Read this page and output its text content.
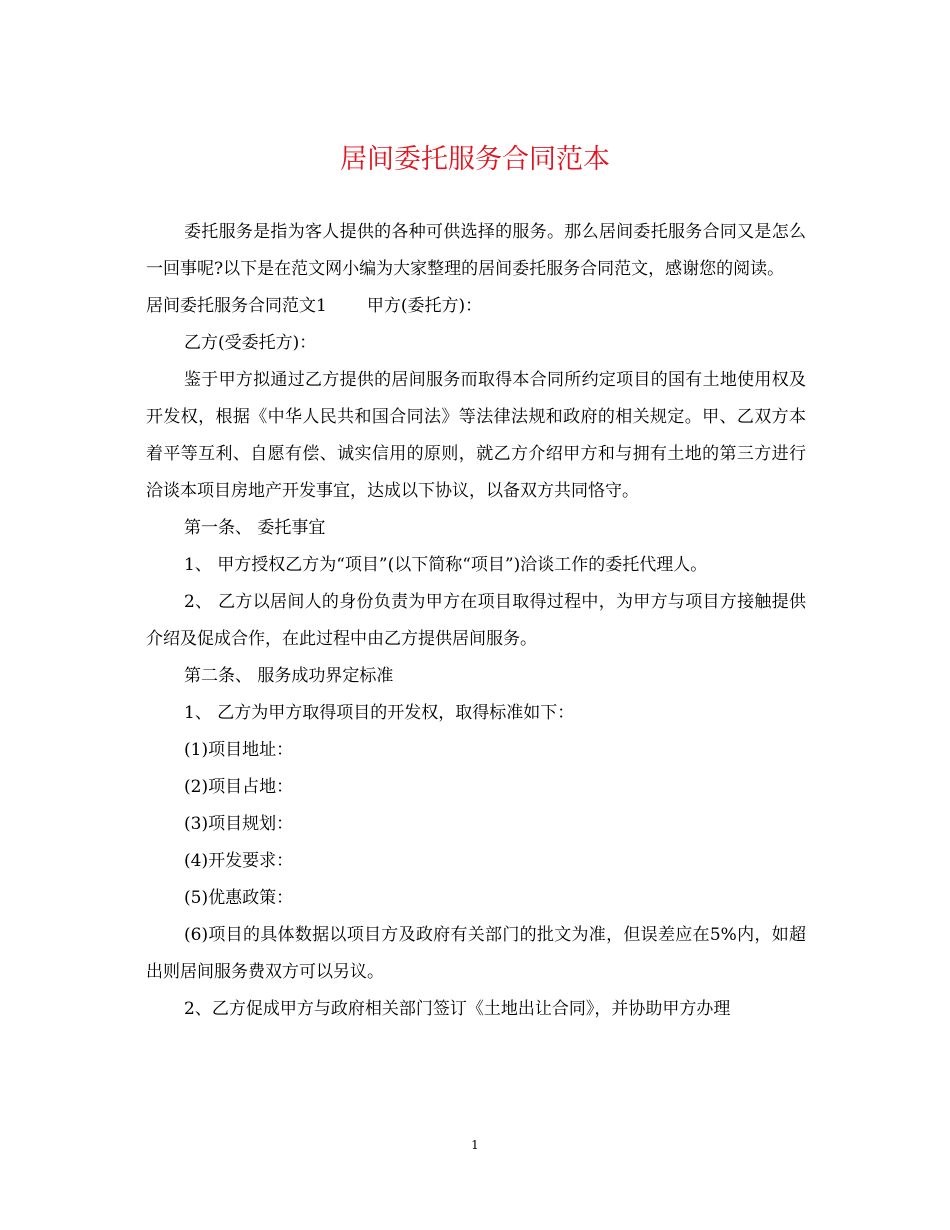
居间委托服务合同范本

委托服务是指为客人提供的各种可供选择的服务。那么居间委托服务合同又是怎么一回事呢?以下是在范文网小编为大家整理的居间委托服务合同范文，感谢您的阅读。

居间委托服务合同范文1 甲方(委托方)：

乙方(受委托方)：

鉴于甲方拟通过乙方提供的居间服务而取得本合同所约定项目的国有土地使用权及开发权，根据《中华人民共和国合同法》等法律法规和政府的相关规定。甲、乙双方本着平等互利、自愿有偿、诚实信用的原则，就乙方介绍甲方和与拥有土地的第三方进行洽谈本项目房地产开发事宜，达成以下协议，以备双方共同恪守。

第一条、 委托事宜

1、 甲方授权乙方为“项目”(以下简称“项目”)洽谈工作的委托代理人。

2、 乙方以居间人的身份负责为甲方在项目取得过程中，为甲方与项目方接触提供介绍及促成合作，在此过程中由乙方提供居间服务。

第二条、 服务成功界定标准

1、 乙方为甲方取得项目的开发权，取得标准如下：

(1)项目地址：

(2)项目占地：

(3)项目规划：

(4)开发要求：

(5)优惠政策：

(6)项目的具体数据以项目方及政府有关部门的批文为准，但误差应在5%内，如超出则居间服务费双方可以另议。

2、乙方促成甲方与政府相关部门签订《土地出让合同》，并协助甲方办理

1
